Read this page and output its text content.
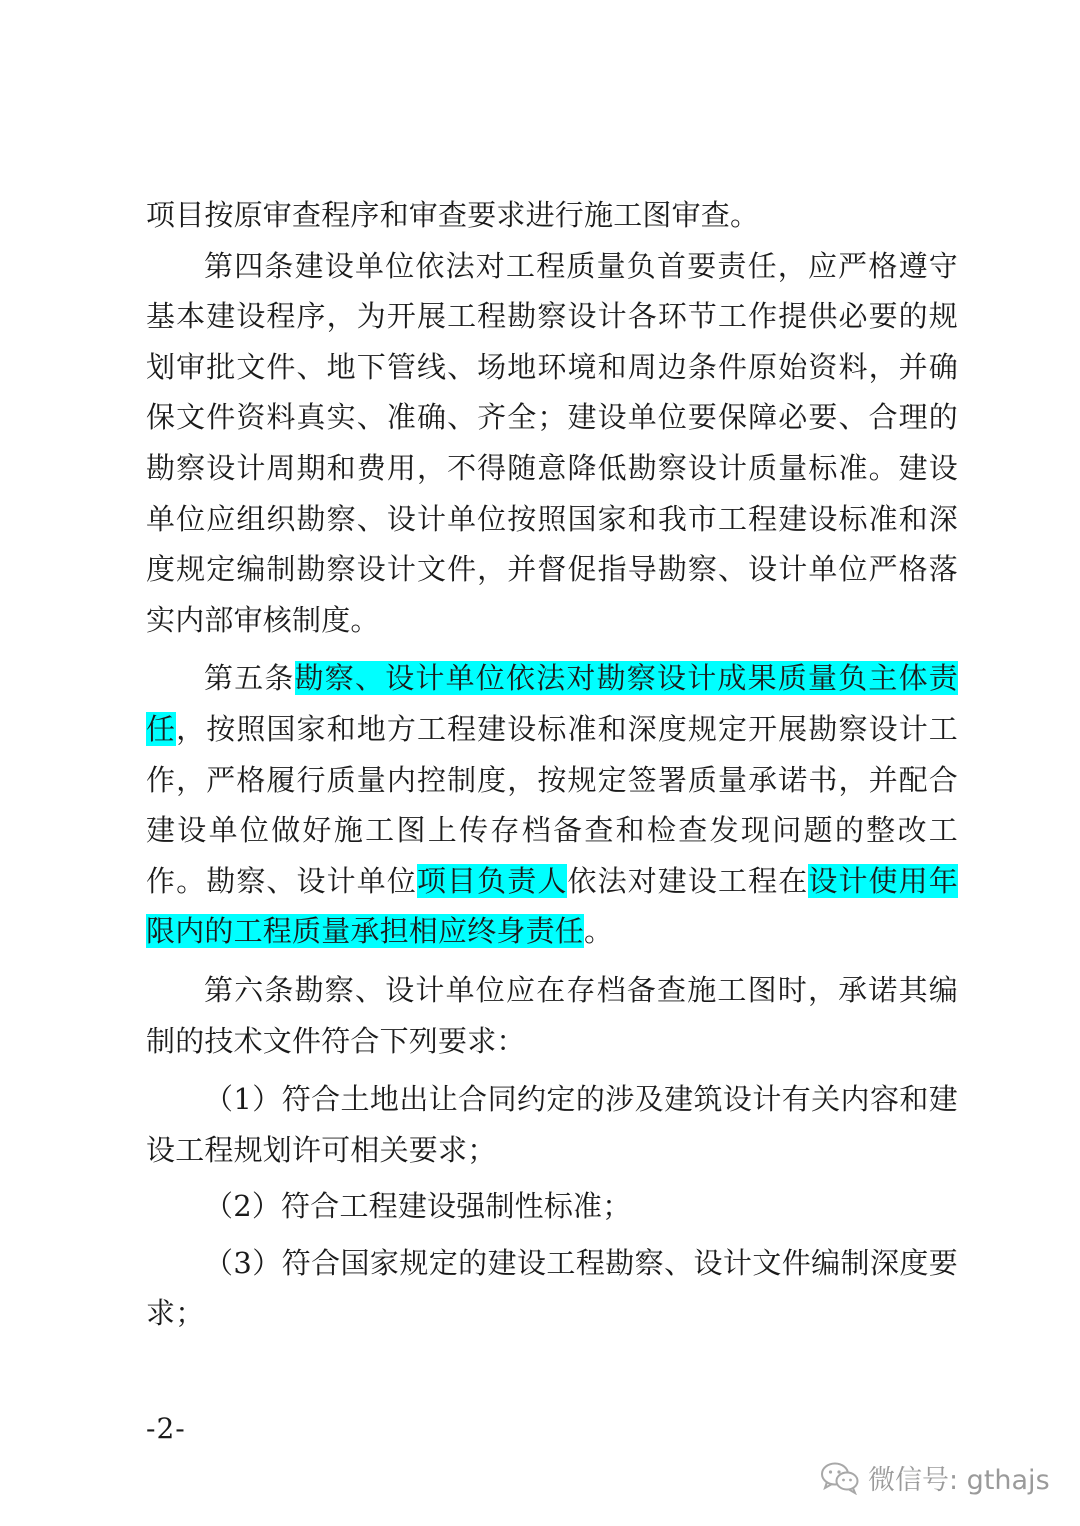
项目按原审查程序和审查要求进行施工图审查。

第四条建设单位依法对工程质量负首要责任，应严格遵守基本建设程序，为开展工程勘察设计各环节工作提供必要的规划审批文件、地下管线、场地环境和周边条件原始资料，并确保文件资料真实、准确、齐全；建设单位要保障必要、合理的勘察设计周期和费用，不得随意降低勘察设计质量标准。建设单位应组织勘察、设计单位按照国家和我市工程建设标准和深度规定编制勘察设计文件，并督促指导勘察、设计单位严格落实内部审核制度。

第五条勘察、设计单位依法对勘察设计成果质量负主体责任，按照国家和地方工程建设标准和深度规定开展勘察设计工作，严格履行质量内控制度，按规定签署质量承诺书，并配合建设单位做好施工图上传存档备查和检查发现问题的整改工作。勘察、设计单位项目负责人依法对建设工程在设计使用年限内的工程质量承担相应终身责任。

第六条勘察、设计单位应在存档备查施工图时，承诺其编制的技术文件符合下列要求：

（1）符合土地出让合同约定的涉及建筑设计有关内容和建设工程规划许可相关要求；

（2）符合工程建设强制性标准；

（3）符合国家规定的建设工程勘察、设计文件编制深度要求；

-2-
微信号: gthajs
